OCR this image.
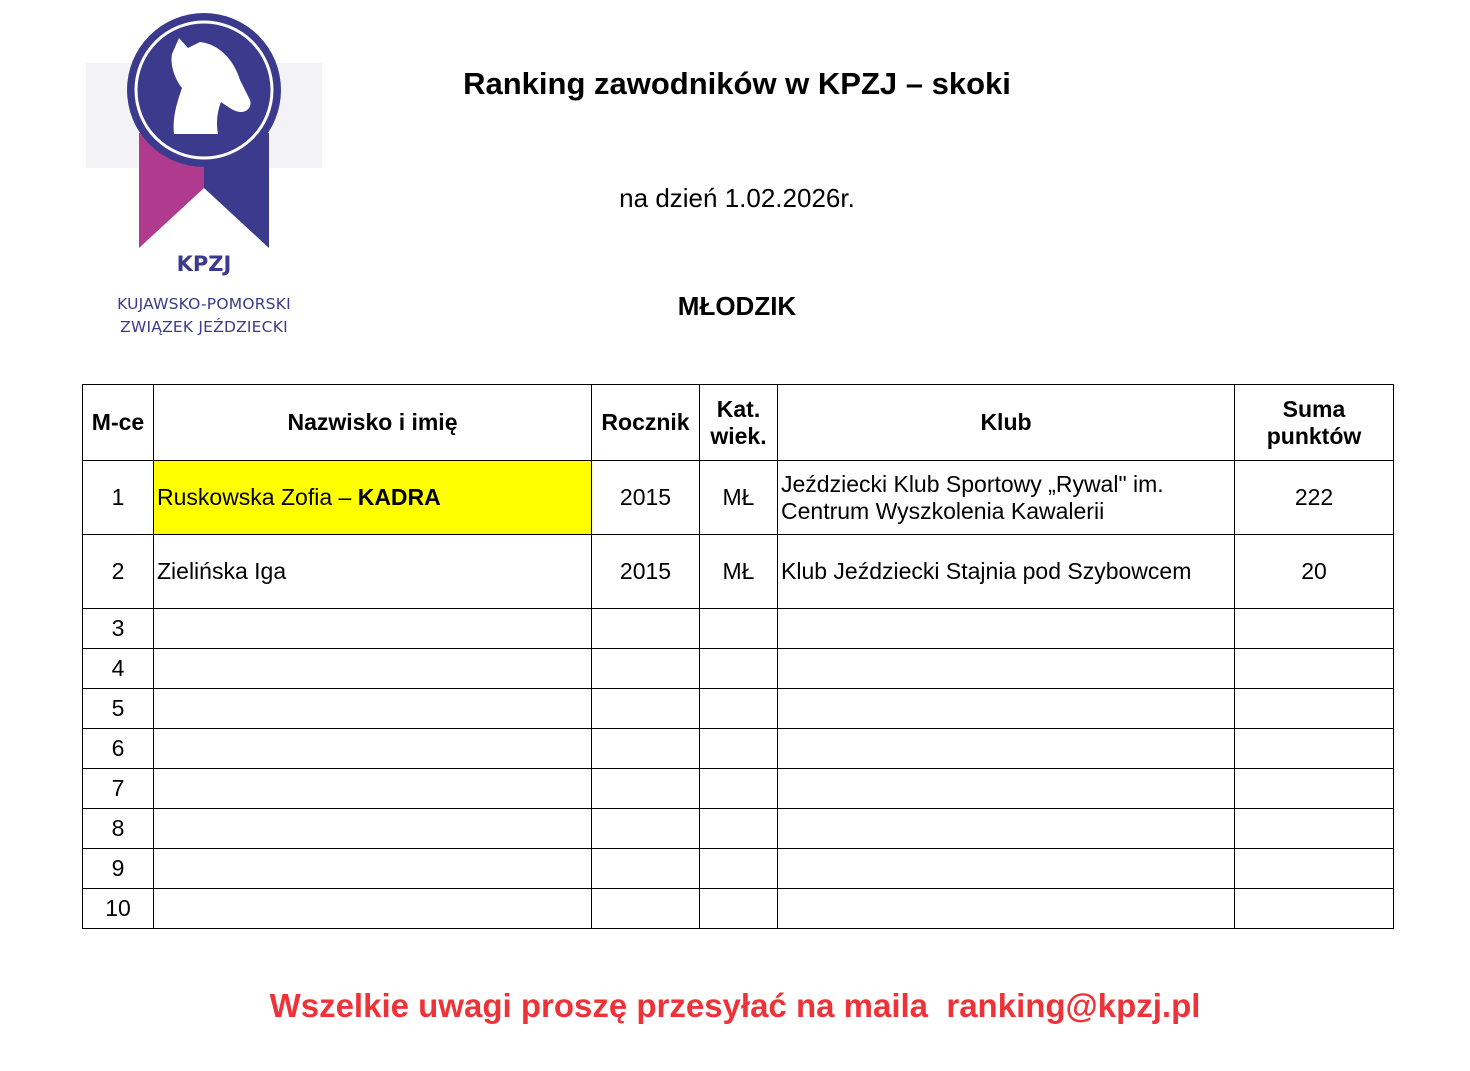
KPZJ
KUJAWSKO-POMORSKI
ZWIĄZEK JEŹDZIECKI
Ranking zawodników w KPZJ – skoki
na dzień 1.02.2026r.
MŁODZIK
M-ce	Nazwisko i imię	Rocznik	Kat. wiek.	Klub	Suma punktów
1	Ruskowska Zofia – KADRA	2015	MŁ	Jeździecki Klub Sportowy „Rywal" im. Centrum Wyszkolenia Kawalerii	222
2	Zielińska Iga	2015	MŁ	Klub Jeździecki Stajnia pod Szybowcem	20
3					
4					
5					
6					
7					
8					
9					
10					
Wszelkie uwagi proszę przesyłać na maila ranking@kpzj.pl
